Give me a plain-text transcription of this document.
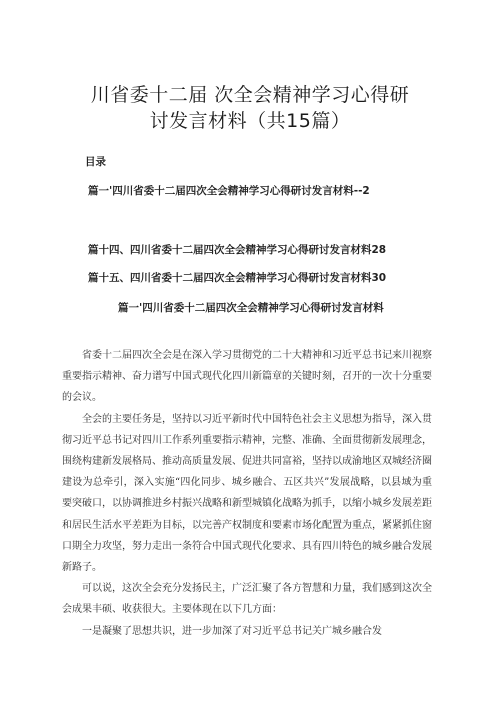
川省委十二届 次全会精神学习心得研
讨发言材料（共15篇）
目录
篇一'四川省委十二届四次全会精神学习心得研讨发言材料--2
篇十四、四川省委十二届四次全会精神学习心得研讨发言材料28
篇十五、四川省委十二届四次全会精神学习心得研讨发言材料30
篇一'四川省委十二届四次全会精神学习心得研讨发言材料

省委十二届四次全会是在深入学习贯彻党的二十大精神和习近平总书记来川视察重要指示精神、奋力谱写中国式现代化四川新篇章的关键时刻，召开的一次十分重要的会议。

全会的主要任务是，坚持以习近平新时代中国特色社会主义思想为指导，深入贯彻习近平总书记对四川工作系列重要指示精神，完整、准确、全面贯彻新发展理念，围绕构建新发展格局、推动高质量发展、促进共同富裕，坚持以成渝地区双城经济圈建设为总牵引，深入实施“四化同步、城乡融合、五区共兴”发展战略，以县域为重要突破口，以协调推进乡村振兴战略和新型城镇化战略为抓手，以缩小城乡发展差距和居民生活水平差距为目标，以完善产权制度和要素市场化配置为重点，紧紧抓住窗口期全力攻坚，努力走出一条符合中国式现代化要求、具有四川特色的城乡融合发展新路子。

可以说，这次全会充分发扬民主，广泛汇聚了各方智慧和力量，我们感到这次全会成果丰硕、收获很大。主要体现在以下几方面：

一是凝聚了思想共识，进一步加深了对习近平总书记关广城乡融合发
